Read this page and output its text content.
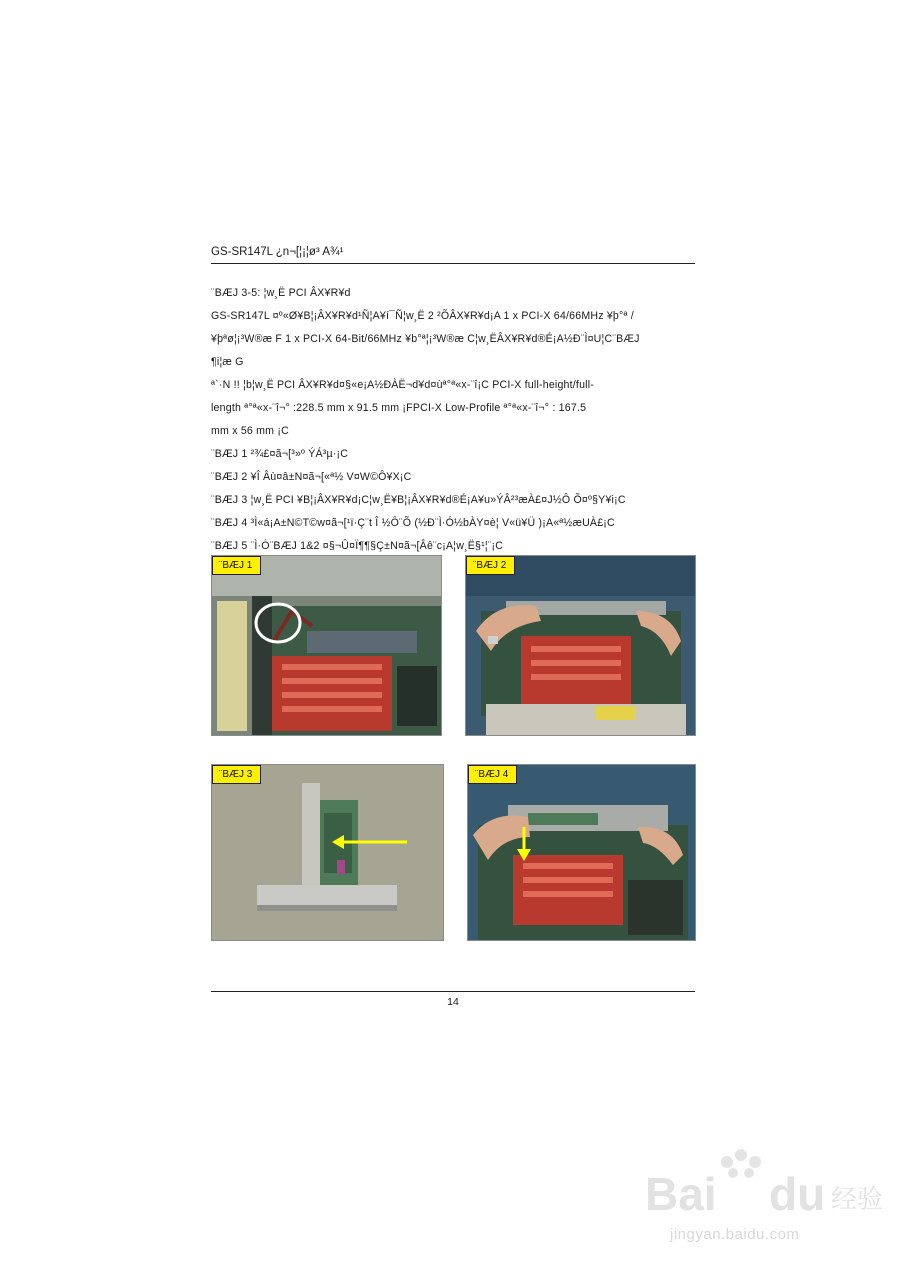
GS-SR147L ¿n¬[¦¡¦ø³ A¾¹
¨BÆJ 3-5: ¦w¸Ë PCI ÂX¥R¥d
GS-SR147L ¤º«Ø¥B¦¡ÂX¥R¥d¹Ñ¦A¥í¯Ñ¦w¸Ë 2 ²ÕÂX¥R¥d¡A 1 x PCI-X 64/66MHz ¥þ°ª /
¥þªø¦¡³W®æ F 1 x PCI-X 64-Bit/66MHz ¥b°ª¦¡³W®æ C¦w¸ËÂX¥R¥d®É¡A½Ð¨Ì¤U¦C¨BÆJ
¶i¦æ G
ª`·N !! ¦b¦w¸Ë PCI ÂX¥R¥d¤§«e¡A½ÐÀË¬d¥d¤ùª°ª«x-¨î¡C PCI-X full-height/full-
length ª°ª«x-¨î¬° :228.5 mm x 91.5 mm ¡FPCI-X Low-Profile ª°ª«x-¨î¬° : 167.5
mm x 56 mm ¡C
¨BÆJ 1 ²¾£¤ã¬[³»º ÝÁ³µ·¡C
¨BÆJ 2 ¥Î Âù¤â±N¤ã¬[«ª½ V¤W©Ô¥X¡C
¨BÆJ 3 ¦w¸Ë PCI ¥B¦¡ÂX¥R¥d¡C¦w¸Ë¥B¦¡ÂX¥R¥d®É¡A¥u»ÝÂ²³æÀ£¤J½Ô Õ¤º§Y¥i¡C
¨BÆJ 4 ³Ì«á¡A±N©T©w¤ã¬[¹ï·Ç¨t Î ½Ô¨Õ (½Ð¨Ì·Ó½bÀY¤è¦ V«ü¥Ü )¡A«ª½æUÀ£¡C
¨BÆJ 5 ¨Ì·Ó¨BÆJ 1&2 ¤§¬Û¤Ï¶¶§Ç±N¤ã¬[Âê¨c¡A¦w¸Ë§¹¦¨¡C
¨BÆJ 1	¨BÆJ 2
¨BÆJ 3	¨BÆJ 4
14
Bai du 经验
jingyan.baidu.com
